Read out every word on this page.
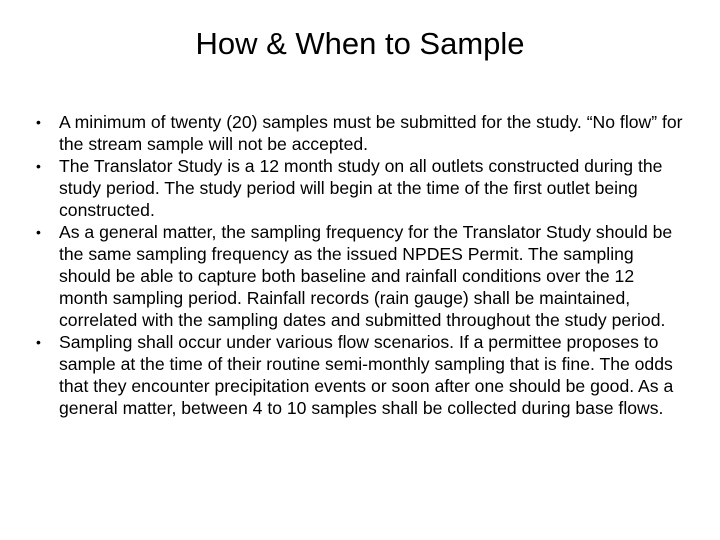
How & When to Sample
•	A minimum of twenty (20) samples must be submitted for the study. “No flow” for the stream sample will not be accepted.
•	The Translator Study is a 12 month study on all outlets constructed during the study period. The study period will begin at the time of the first outlet being constructed.
•	As a general matter, the sampling frequency for the Translator Study should be the same sampling frequency as the issued NPDES Permit. The sampling should be able to capture both baseline and rainfall conditions over the 12 month sampling period. Rainfall records (rain gauge) shall be maintained, correlated with the sampling dates and submitted throughout the study period.
•	Sampling shall occur under various flow scenarios. If a permittee proposes to sample at the time of their routine semi-monthly sampling that is fine. The odds that they encounter precipitation events or soon after one should be good. As a general matter, between 4 to 10 samples shall be collected during base flows.
